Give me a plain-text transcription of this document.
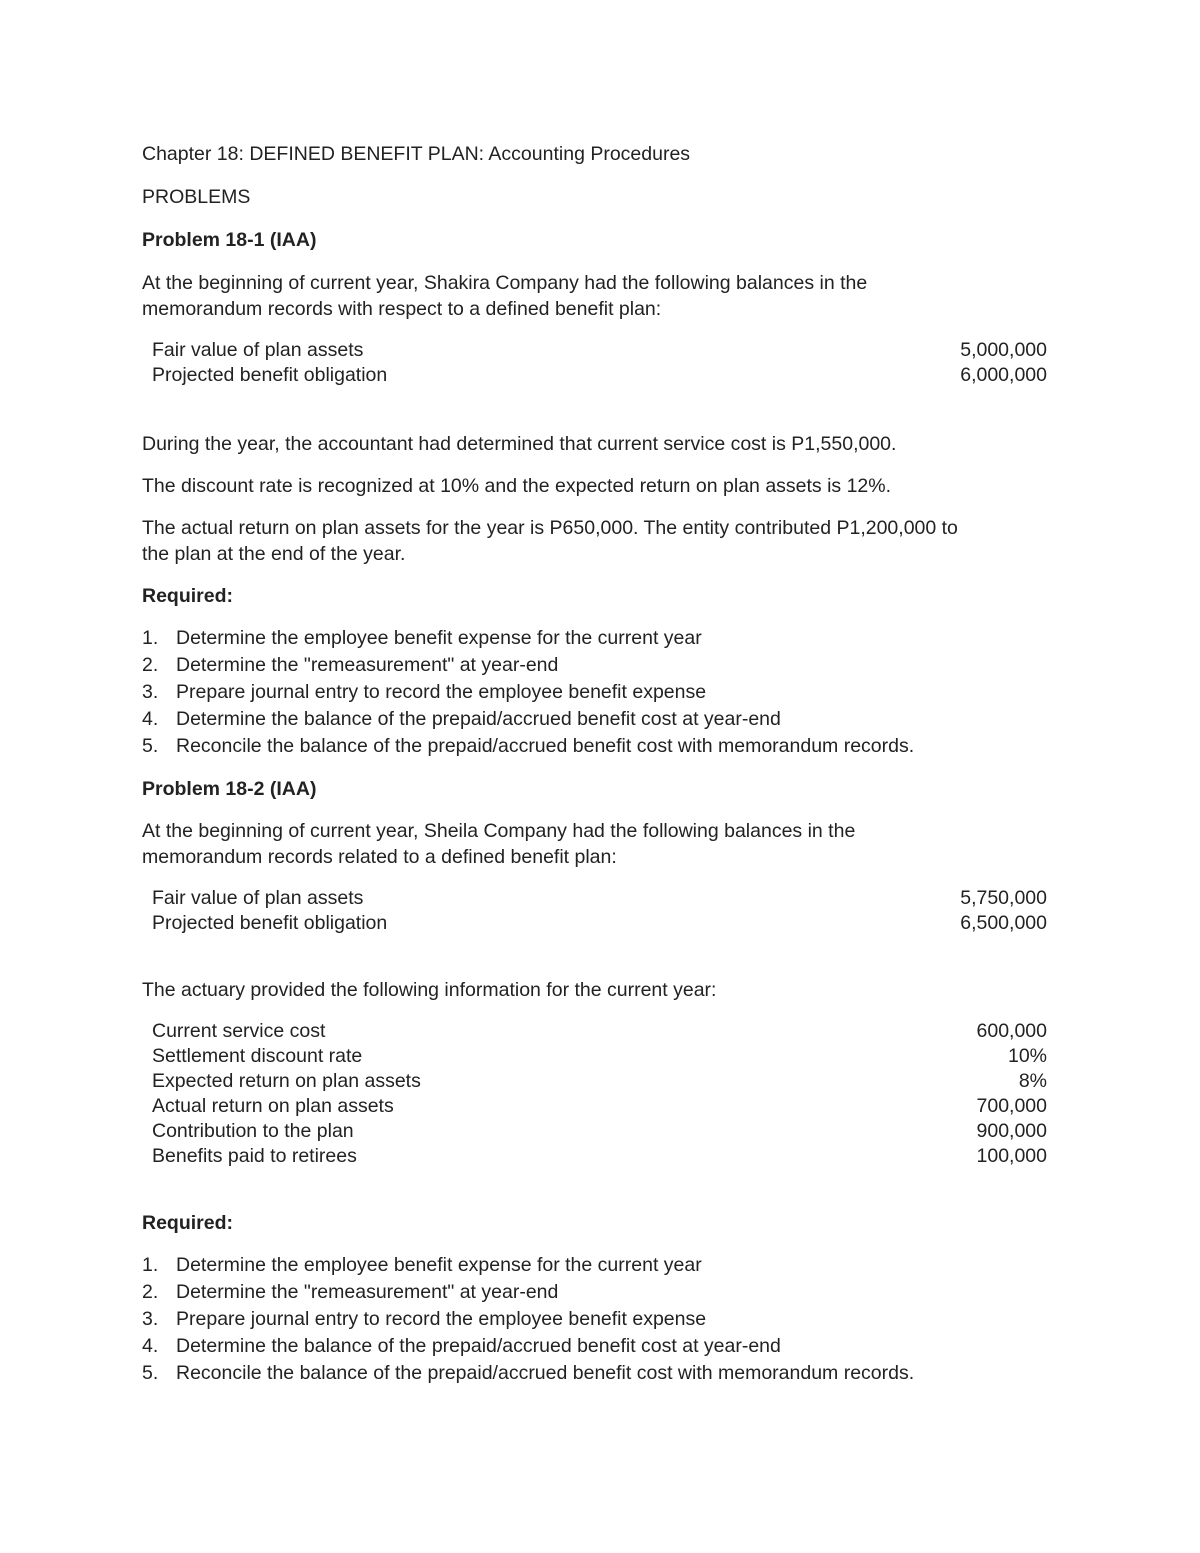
Chapter 18: DEFINED BENEFIT PLAN: Accounting Procedures

PROBLEMS

Problem 18-1 (IAA)

At the beginning of current year, Shakira Company had the following balances in the

memorandum records with respect to a defined benefit plan:

Fair value of plan assets	5,000,000
Projected benefit obligation	6,000,000

During the year, the accountant had determined that current service cost is P1,550,000.

The discount rate is recognized at 10% and the expected return on plan assets is 12%.

The actual return on plan assets for the year is P650,000. The entity contributed P1,200,000 to

the plan at the end of the year.

Required:

1. Determine the employee benefit expense for the current year
2. Determine the "remeasurement" at year-end
3. Prepare journal entry to record the employee benefit expense
4. Determine the balance of the prepaid/accrued benefit cost at year-end
5. Reconcile the balance of the prepaid/accrued benefit cost with memorandum records.

Problem 18-2 (IAA)

At the beginning of current year, Sheila Company had the following balances in the

memorandum records related to a defined benefit plan:

Fair value of plan assets	5,750,000
Projected benefit obligation	6,500,000

The actuary provided the following information for the current year:

Current service cost	600,000
Settlement discount rate	10%
Expected return on plan assets	8%
Actual return on plan assets	700,000
Contribution to the plan	900,000
Benefits paid to retirees	100,000

Required:

1. Determine the employee benefit expense for the current year
2. Determine the "remeasurement" at year-end
3. Prepare journal entry to record the employee benefit expense
4. Determine the balance of the prepaid/accrued benefit cost at year-end
5. Reconcile the balance of the prepaid/accrued benefit cost with memorandum records.
